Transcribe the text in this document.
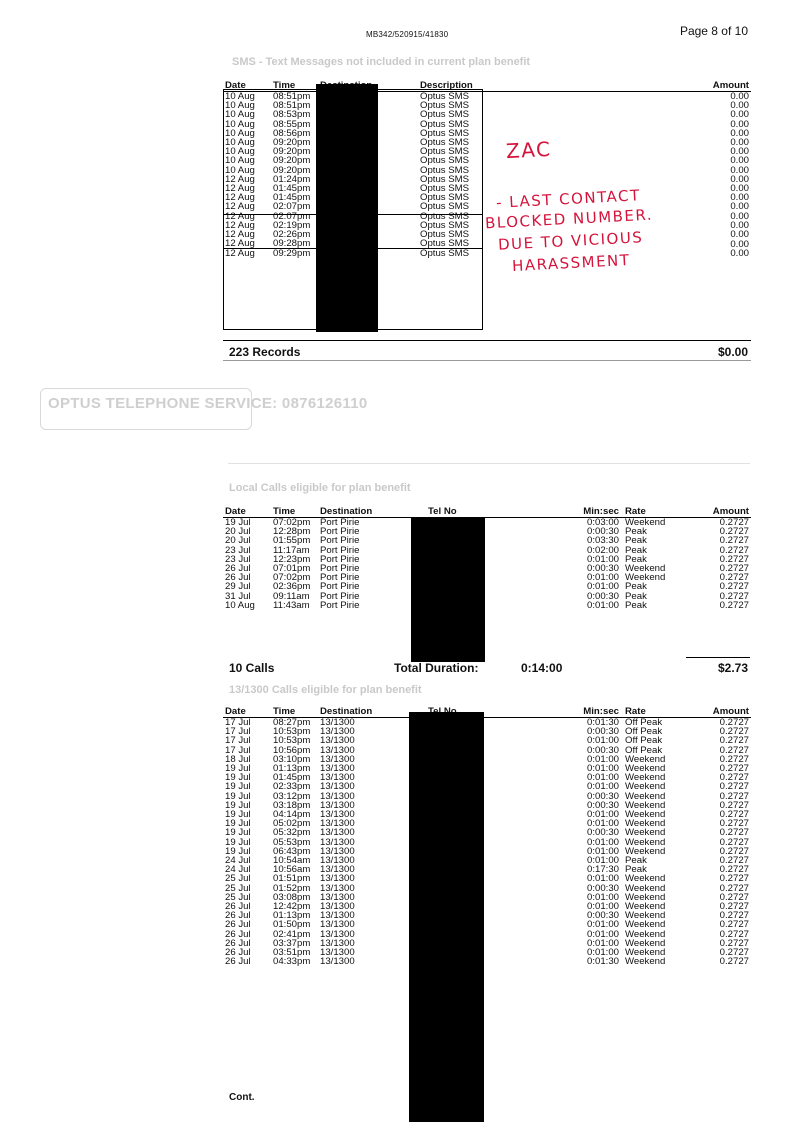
MB342/520915/41830	Page 8 of 10
SMS - Text Messages not included in current plan benefit
Date	Time		Description		Amount
10 Aug	08:51pm		Optus SMS		0.00
10 Aug	08:51pm		Optus SMS		0.00
10 Aug	08:53pm		Optus SMS		0.00
10 Aug	08:55pm		Optus SMS		0.00
10 Aug	08:56pm		Optus SMS		0.00
10 Aug	09:20pm		Optus SMS		0.00
10 Aug	09:20pm		Optus SMS		0.00
10 Aug	09:20pm		Optus SMS		0.00
10 Aug	09:20pm		Optus SMS		0.00
12 Aug	01:24pm		Optus SMS		0.00
12 Aug	01:45pm		Optus SMS		0.00
12 Aug	01:45pm		Optus SMS		0.00
12 Aug	02:07pm		Optus SMS		0.00
12 Aug	02:07pm		Optus SMS		0.00
12 Aug	02:19pm		Optus SMS		0.00
12 Aug	02:26pm		Optus SMS		0.00
12 Aug	09:28pm		Optus SMS		0.00
12 Aug	09:29pm		Optus SMS		0.00
223 Records	$0.00
ZAC
- LAST CONTACT
BLOCKED NUMBER.
DUE TO VICIOUS
HARASSMENT
OPTUS TELEPHONE SERVICE: 0876126110
Local Calls eligible for plan benefit
Date	Time	Destination	Tel No	Min:sec	Rate	Amount
19 Jul	07:02pm	Port Pirie		0:03:00	Weekend	0.2727
20 Jul	12:28pm	Port Pirie		0:00:30	Peak	0.2727
20 Jul	01:55pm	Port Pirie		0:03:30	Peak	0.2727
23 Jul	11:17am	Port Pirie		0:02:00	Peak	0.2727
23 Jul	12:23pm	Port Pirie		0:01:00	Peak	0.2727
26 Jul	07:01pm	Port Pirie		0:00:30	Weekend	0.2727
26 Jul	07:02pm	Port Pirie		0:01:00	Weekend	0.2727
29 Jul	02:36pm	Port Pirie		0:01:00	Peak	0.2727
31 Jul	09:11am	Port Pirie		0:00:30	Peak	0.2727
10 Aug	11:43am	Port Pirie		0:01:00	Peak	0.2727
10 Calls	Total Duration:	0:14:00	$2.73
13/1300 Calls eligible for plan benefit
Date	Time	Destination		Min:sec	Rate	Amount
17 Jul	08:27pm	13/1300		0:01:30	Off Peak	0.2727
17 Jul	10:53pm	13/1300		0:00:30	Off Peak	0.2727
17 Jul	10:53pm	13/1300		0:01:00	Off Peak	0.2727
17 Jul	10:56pm	13/1300		0:00:30	Off Peak	0.2727
18 Jul	03:10pm	13/1300		0:01:00	Weekend	0.2727
19 Jul	01:13pm	13/1300		0:01:00	Weekend	0.2727
19 Jul	01:45pm	13/1300		0:01:00	Weekend	0.2727
19 Jul	02:33pm	13/1300		0:01:00	Weekend	0.2727
19 Jul	03:12pm	13/1300		0:00:30	Weekend	0.2727
19 Jul	03:18pm	13/1300		0:00:30	Weekend	0.2727
19 Jul	04:14pm	13/1300		0:01:00	Weekend	0.2727
19 Jul	05:02pm	13/1300		0:01:00	Weekend	0.2727
19 Jul	05:32pm	13/1300		0:00:30	Weekend	0.2727
19 Jul	05:53pm	13/1300		0:01:00	Weekend	0.2727
19 Jul	06:43pm	13/1300		0:01:00	Weekend	0.2727
24 Jul	10:54am	13/1300		0:01:00	Peak	0.2727
24 Jul	10:56am	13/1300		0:17:30	Peak	0.2727
25 Jul	01:51pm	13/1300		0:01:00	Weekend	0.2727
25 Jul	01:52pm	13/1300		0:00:30	Weekend	0.2727
25 Jul	03:08pm	13/1300		0:01:00	Weekend	0.2727
26 Jul	12:42pm	13/1300		0:01:00	Weekend	0.2727
26 Jul	01:13pm	13/1300		0:00:30	Weekend	0.2727
26 Jul	01:50pm	13/1300		0:01:00	Weekend	0.2727
26 Jul	02:41pm	13/1300		0:01:00	Weekend	0.2727
26 Jul	03:37pm	13/1300		0:01:00	Weekend	0.2727
26 Jul	03:51pm	13/1300		0:01:00	Weekend	0.2727
26 Jul	04:33pm	13/1300		0:01:30	Weekend	0.2727
Cont.
